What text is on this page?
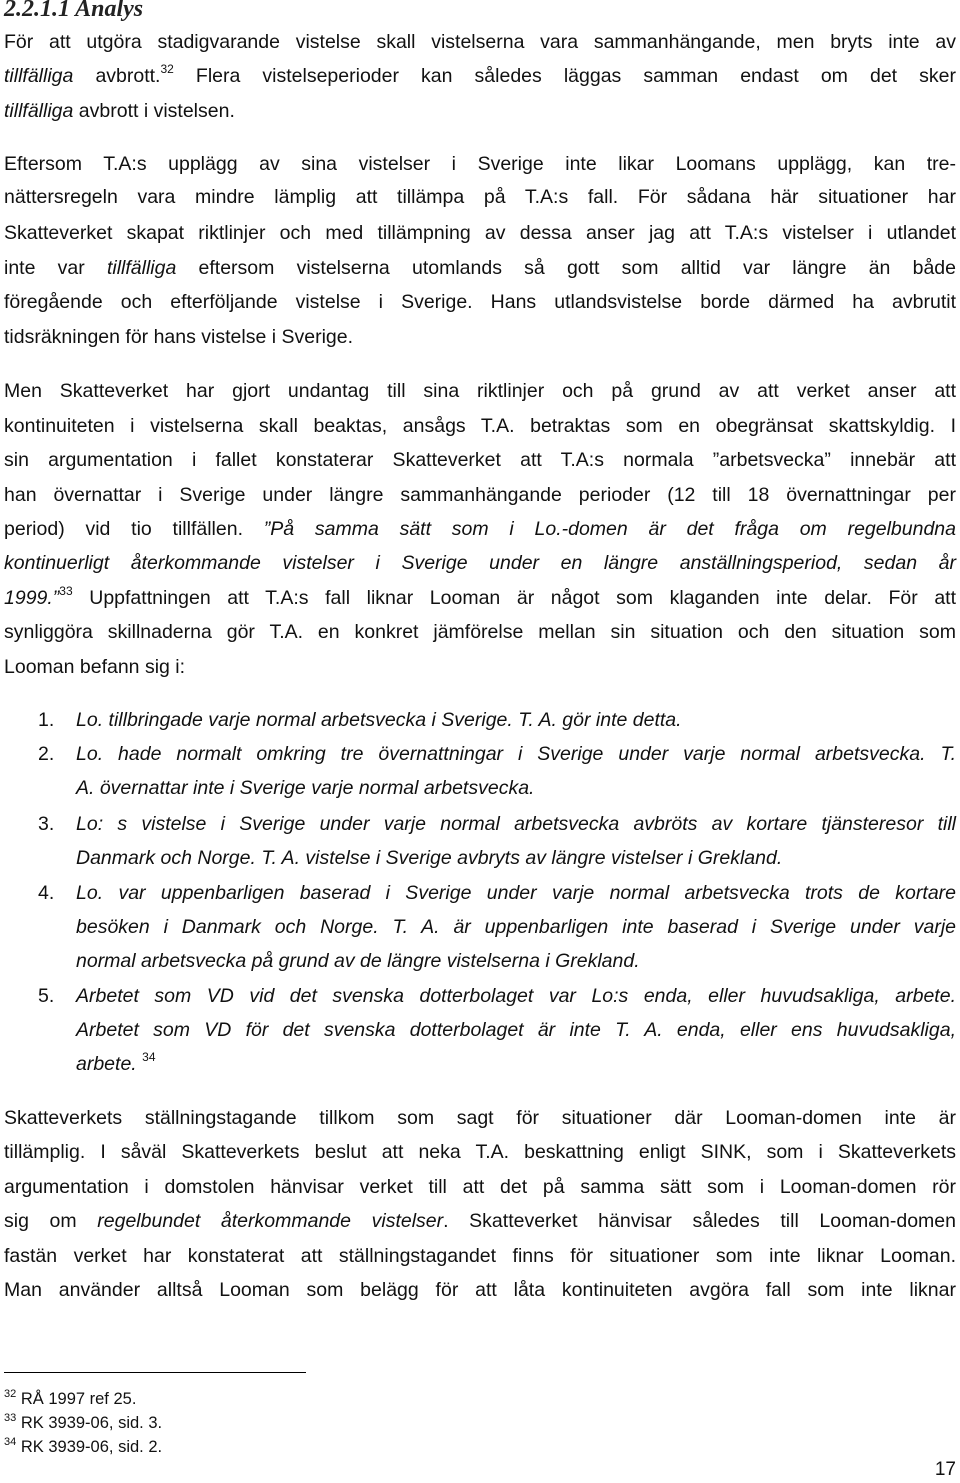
2.2.1.1 Analys

För att utgöra stadigvarande vistelse skall vistelserna vara sammanhängande, men bryts inte av

tillfälliga avbrott.$^{32}$ Flera vistelseperioder kan således läggas samman endast om det sker

tillfälliga avbrott i vistelsen.

Eftersom T.A:s upplägg av sina vistelser i Sverige inte likar Loomans upplägg, kan tre-

nättersregeln vara mindre lämplig att tillämpa på T.A:s fall. För sådana här situationer har

Skatteverket skapat riktlinjer och med tillämpning av dessa anser jag att T.A:s vistelser i utlandet

inte var tillfälliga eftersom vistelserna utomlands så gott som alltid var längre än både

föregående och efterföljande vistelse i Sverige. Hans utlandsvistelse borde därmed ha avbrutit

tidsräkningen för hans vistelse i Sverige.

Men Skatteverket har gjort undantag till sina riktlinjer och på grund av att verket anser att

kontinuiteten i vistelserna skall beaktas, ansågs T.A. betraktas som en obegränsat skattskyldig. I

sin argumentation i fallet konstaterar Skatteverket att T.A:s normala ”arbetsvecka” innebär att

han övernattar i Sverige under längre sammanhängande perioder (12 till 18 övernattningar per

period) vid tio tillfällen. ”På samma sätt som i Lo.-domen är det fråga om regelbundna

kontinuerligt återkommande vistelser i Sverige under en längre anställningsperiod, sedan år

1999.”$^{33}$ Uppfattningen att T.A:s fall liknar Looman är något som klaganden inte delar. För att

synliggöra skillnaderna gör T.A. en konkret jämförelse mellan sin situation och den situation som

Looman befann sig i:

1. Lo. tillbringade varje normal arbetsvecka i Sverige. T. A. gör inte detta.

2. Lo. hade normalt omkring tre övernattningar i Sverige under varje normal arbetsvecka. T.

A. övernattar inte i Sverige varje normal arbetsvecka.

3. Lo: s vistelse i Sverige under varje normal arbetsvecka avbröts av kortare tjänsteresor till

Danmark och Norge. T. A. vistelse i Sverige avbryts av längre vistelser i Grekland.

4. Lo. var uppenbarligen baserad i Sverige under varje normal arbetsvecka trots de kortare

besöken i Danmark och Norge. T. A. är uppenbarligen inte baserad i Sverige under varje

normal arbetsvecka på grund av de längre vistelserna i Grekland.

5. Arbetet som VD vid det svenska dotterbolaget var Lo:s enda, eller huvudsakliga, arbete.

Arbetet som VD för det svenska dotterbolaget är inte T. A. enda, eller ens huvudsakliga,

arbete. $^{34}$

Skatteverkets ställningstagande tillkom som sagt för situationer där Looman-domen inte är

tillämplig. I såväl Skatteverkets beslut att neka T.A. beskattning enligt SINK, som i Skatteverkets

argumentation i domstolen hänvisar verket till att det på samma sätt som i Looman-domen rör

sig om regelbundet återkommande vistelser. Skatteverket hänvisar således till Looman-domen

fastän verket har konstaterat att ställningstagandet finns för situationer som inte liknar Looman.

Man använder alltså Looman som belägg för att låta kontinuiteten avgöra fall som inte liknar

$^{32}$ RÅ 1997 ref 25.

$^{33}$ RK 3939-06, sid. 3.

$^{34}$ RK 3939-06, sid. 2.

17
